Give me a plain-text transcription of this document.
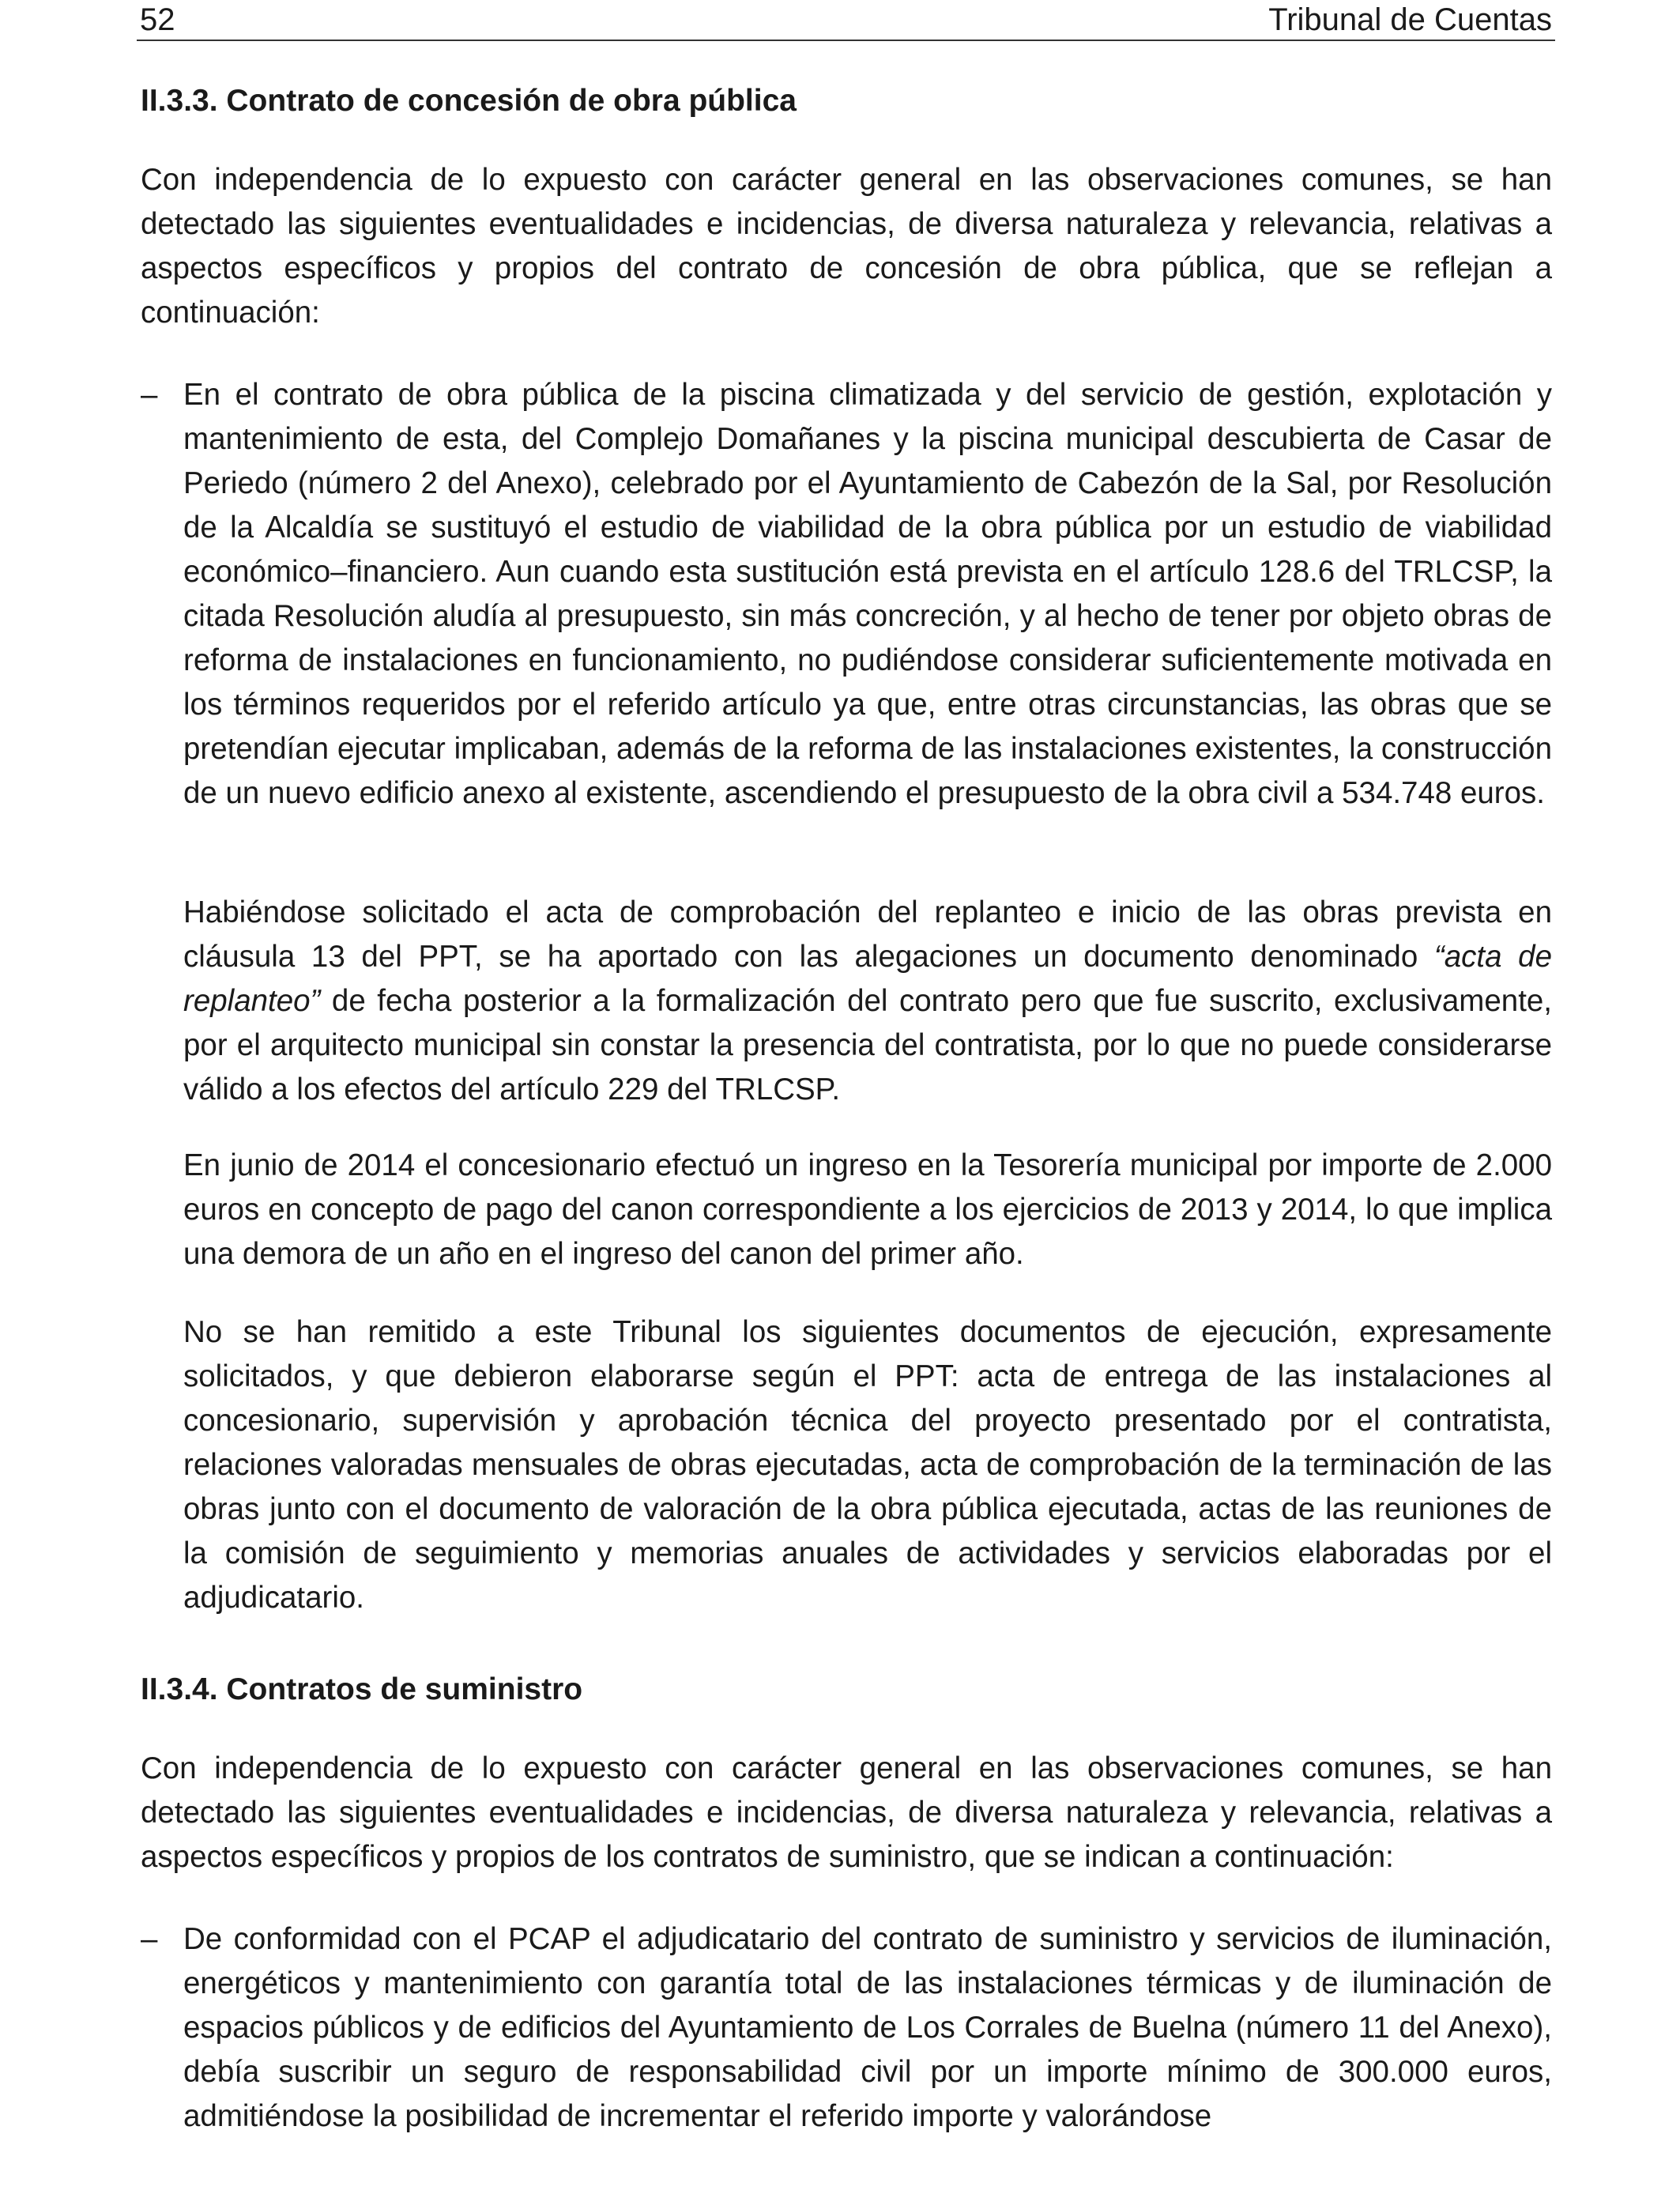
52	Tribunal de Cuentas
II.3.3. Contrato de concesión de obra pública

Con independencia de lo expuesto con carácter general en las observaciones comunes, se han detectado las siguientes eventualidades e incidencias, de diversa naturaleza y relevancia, relativas a aspectos específicos y propios del contrato de concesión de obra pública, que se reflejan a continuación:

– En el contrato de obra pública de la piscina climatizada y del servicio de gestión, explotación y mantenimiento de esta, del Complejo Domañanes y la piscina municipal descubierta de Casar de Periedo (número 2 del Anexo), celebrado por el Ayuntamiento de Cabezón de la Sal, por Resolución de la Alcaldía se sustituyó el estudio de viabilidad de la obra pública por un estudio de viabilidad económico–financiero. Aun cuando esta sustitución está prevista en el artículo 128.6 del TRLCSP, la citada Resolución aludía al presupuesto, sin más concreción, y al hecho de tener por objeto obras de reforma de instalaciones en funcionamiento, no pudiéndose considerar suficientemente motivada en los términos requeridos por el referido artículo ya que, entre otras circunstancias, las obras que se pretendían ejecutar implicaban, además de la reforma de las instalaciones existentes, la construcción de un nuevo edificio anexo al existente, ascendiendo el presupuesto de la obra civil a 534.748 euros.

Habiéndose solicitado el acta de comprobación del replanteo e inicio de las obras prevista en cláusula 13 del PPT, se ha aportado con las alegaciones un documento denominado “acta de replanteo” de fecha posterior a la formalización del contrato pero que fue suscrito, exclusivamente, por el arquitecto municipal sin constar la presencia del contratista, por lo que no puede considerarse válido a los efectos del artículo 229 del TRLCSP.

En junio de 2014 el concesionario efectuó un ingreso en la Tesorería municipal por importe de 2.000 euros en concepto de pago del canon correspondiente a los ejercicios de 2013 y 2014, lo que implica una demora de un año en el ingreso del canon del primer año.

No se han remitido a este Tribunal los siguientes documentos de ejecución, expresamente solicitados, y que debieron elaborarse según el PPT: acta de entrega de las instalaciones al concesionario, supervisión y aprobación técnica del proyecto presentado por el contratista, relaciones valoradas mensuales de obras ejecutadas, acta de comprobación de la terminación de las obras junto con el documento de valoración de la obra pública ejecutada, actas de las reuniones de la comisión de seguimiento y memorias anuales de actividades y servicios elaboradas por el adjudicatario.

II.3.4. Contratos de suministro

Con independencia de lo expuesto con carácter general en las observaciones comunes, se han detectado las siguientes eventualidades e incidencias, de diversa naturaleza y relevancia, relativas a aspectos específicos y propios de los contratos de suministro, que se indican a continuación:

– De conformidad con el PCAP el adjudicatario del contrato de suministro y servicios de iluminación, energéticos y mantenimiento con garantía total de las instalaciones térmicas y de iluminación de espacios públicos y de edificios del Ayuntamiento de Los Corrales de Buelna (número 11 del Anexo), debía suscribir un seguro de responsabilidad civil por un importe mínimo de 300.000 euros, admitiéndose la posibilidad de incrementar el referido importe y valorándose
